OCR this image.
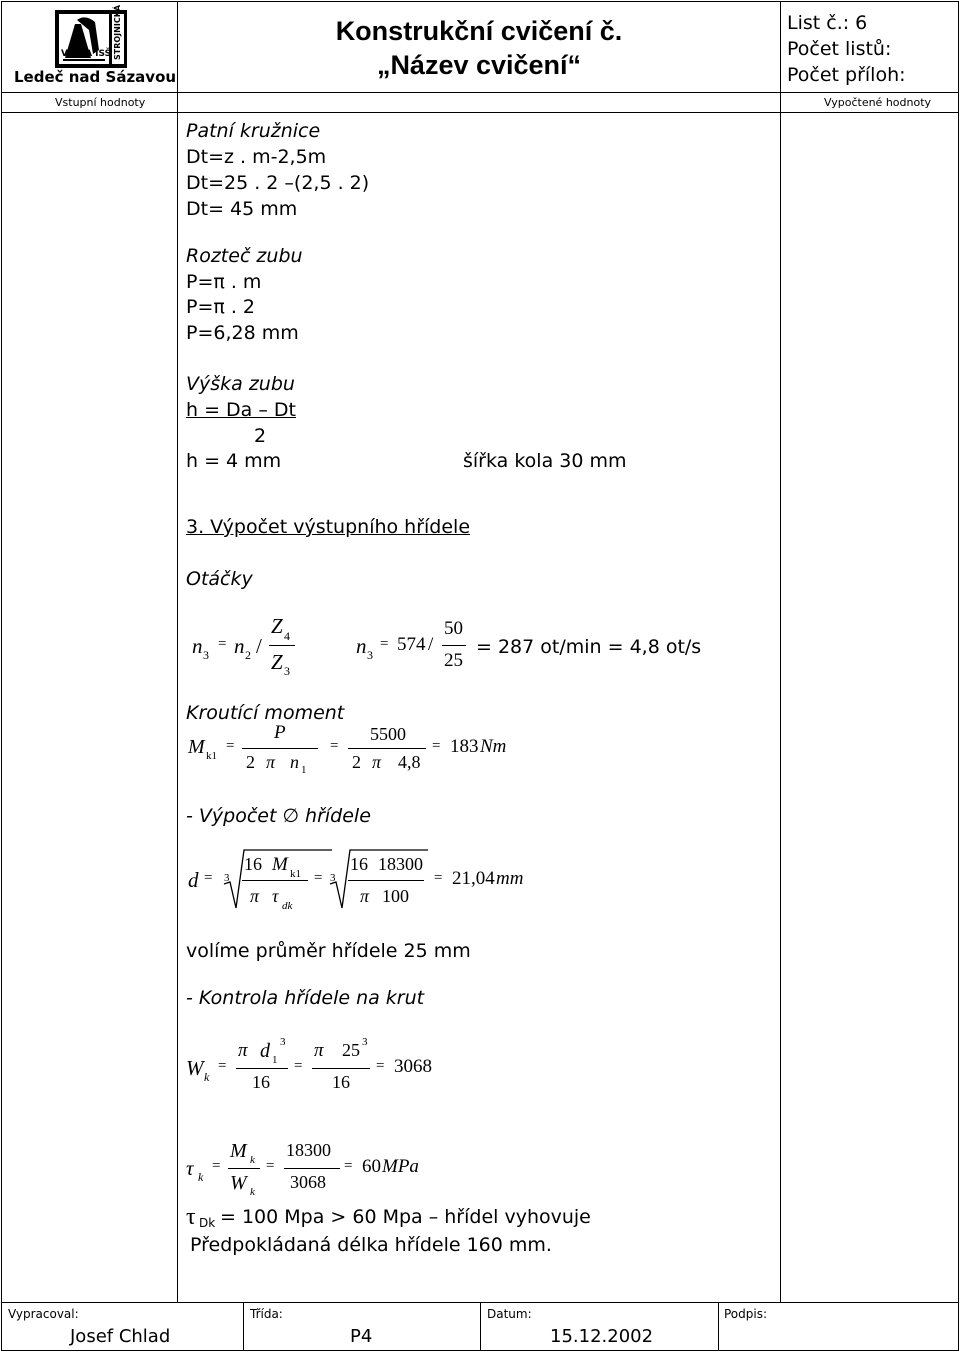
VOŠ A ISŠ STROJNICKÁ
Ledeč nad Sázavou
Konstrukční cvičení č.
„Název cvičení“
List č.: 6
Počet listů:
Počet příloh:
Vstupní hodnoty	Vypočtené hodnoty
Patní kružnice
Dt=z . m-2,5m
Dt=25 . 2 –(2,5 . 2)
Dt= 45 mm
Rozteč zubu
P=π . m
P=π . 2
P=6,28 mm
Výška zubu
h = Da – Dt
2
h = 4 mm	šířka kola 30 mm
3. Výpočet výstupního hřídele
Otáčky
n 3
= n 2 /
Z 4
Z 3
n 3
= 574 /
50
25
= 287 ot/min = 4,8 ot/s
Kroutící moment
M k1
=
P
2 π n 1
=
5500
2 π 4,8
= 183 Nm
- Výpočet ∅ hřídele
d = 3
16 M k1
π τ dk
= 3
16 18300
π 100
= 21,04 mm
volíme průměr hřídele 25 mm
- Kontrola hřídele na krut
W k
=
π d 1
3
16
=
π 25 3
16
= 3068
τ k
=
M k
W k
=
18300
3068
= 60 MPa
τ Dk = 100 Mpa > 60 Mpa – hřídel vyhovuje
Předpokládaná délka hřídele 160 mm.
Vypracoval:
Josef Chlad
Třída:
P4
Datum:
15.12.2002
Podpis:
